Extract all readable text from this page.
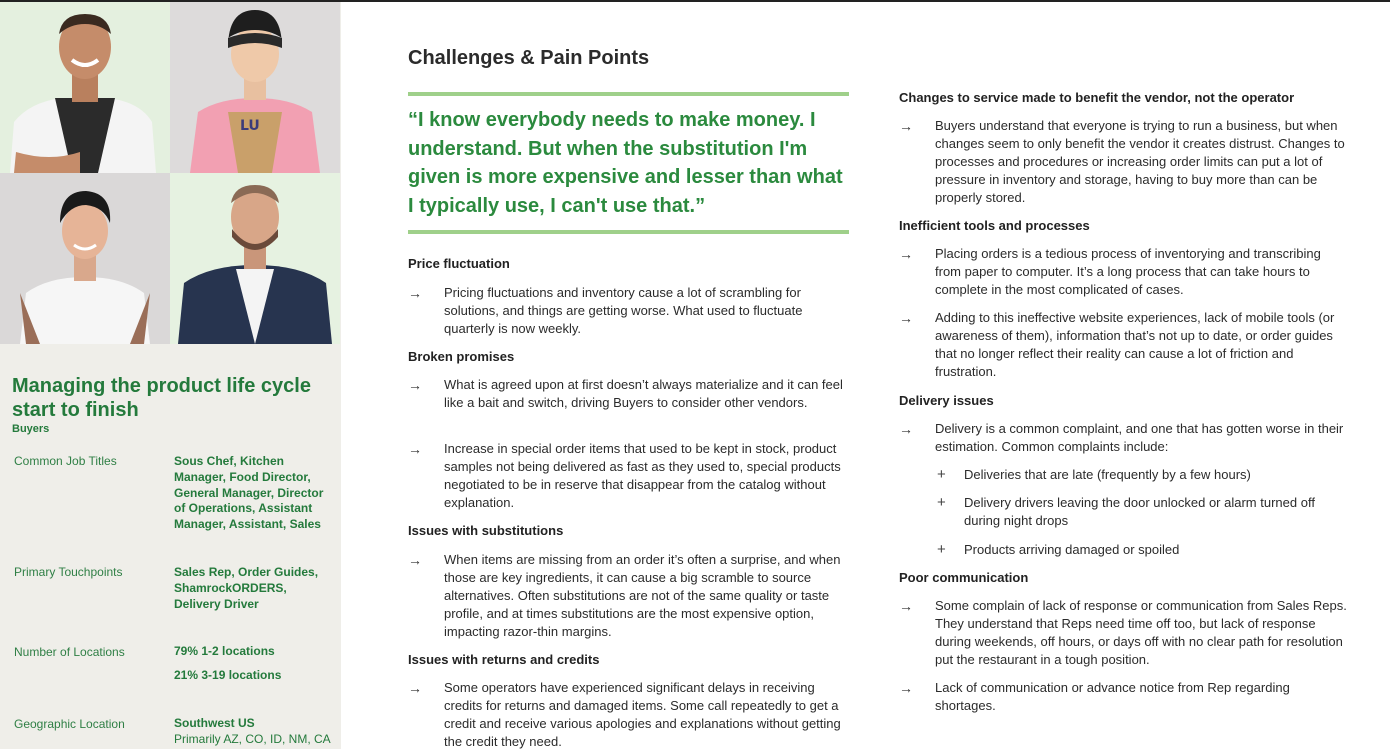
LU
Managing the product life cycle start to finish
Buyers
Common Job Titles	Sous Chef, Kitchen Manager, Food Director, General Manager, Director of Operations, Assistant Manager, Assistant, Sales
Primary Touchpoints	Sales Rep, Order Guides, ShamrockORDERS, Delivery Driver
Number of Locations	79% 1-2 locations
21% 3-19 locations
Geographic Location	Southwest US
Primarily AZ, CO, ID, NM, CA
Challenges & Pain Points
“I know everybody needs to make money. I understand. But when the substitution I'm given is more expensive and lesser than what I typically use, I can't use that.”
Price fluctuation
→	Pricing fluctuations and inventory cause a lot of scrambling for solutions, and things are getting worse. What used to fluctuate quarterly is now weekly.
Broken promises
→	What is agreed upon at first doesn’t always materialize and it can feel like a bait and switch, driving Buyers to consider other vendors.
→	Increase in special order items that used to be kept in stock, product samples not being delivered as fast as they used to, special products negotiated to be in reserve that disappear from the catalog without explanation.
Issues with substitutions
→	When items are missing from an order it’s often a surprise, and when those are key ingredients, it can cause a big scramble to source alternatives. Often substitutions are not of the same quality or taste profile, and at times substitutions are the most expensive option, impacting razor-thin margins.
Issues with returns and credits
→	Some operators have experienced significant delays in receiving credits for returns and damaged items. Some call repeatedly to get a credit and receive various apologies and explanations without getting the credit they need.
Changes to service made to benefit the vendor, not the operator
→	Buyers understand that everyone is trying to run a business, but when changes seem to only benefit the vendor it creates distrust. Changes to processes and procedures or increasing order limits can put a lot of pressure in inventory and storage, having to buy more than can be properly stored.
Inefficient tools and processes
→	Placing orders is a tedious process of inventorying and transcribing from paper to computer. It’s a long process that can take hours to complete in the most complicated of cases.
→	Adding to this ineffective website experiences, lack of mobile tools (or awareness of them), information that’s not up to date, or order guides that no longer reflect their reality can cause a lot of friction and frustration.
Delivery issues
→	Delivery is a common complaint, and one that has gotten worse in their estimation. Common complaints include:
+ Deliveries that are late (frequently by a few hours)
+ Delivery drivers leaving the door unlocked or alarm turned off during night drops
+ Products arriving damaged or spoiled
Poor communication
→	Some complain of lack of response or communication from Sales Reps. They understand that Reps need time off too, but lack of response during weekends, off hours, or days off with no clear path for resolution put the restaurant in a tough position.
→	Lack of communication or advance notice from Rep regarding shortages.
